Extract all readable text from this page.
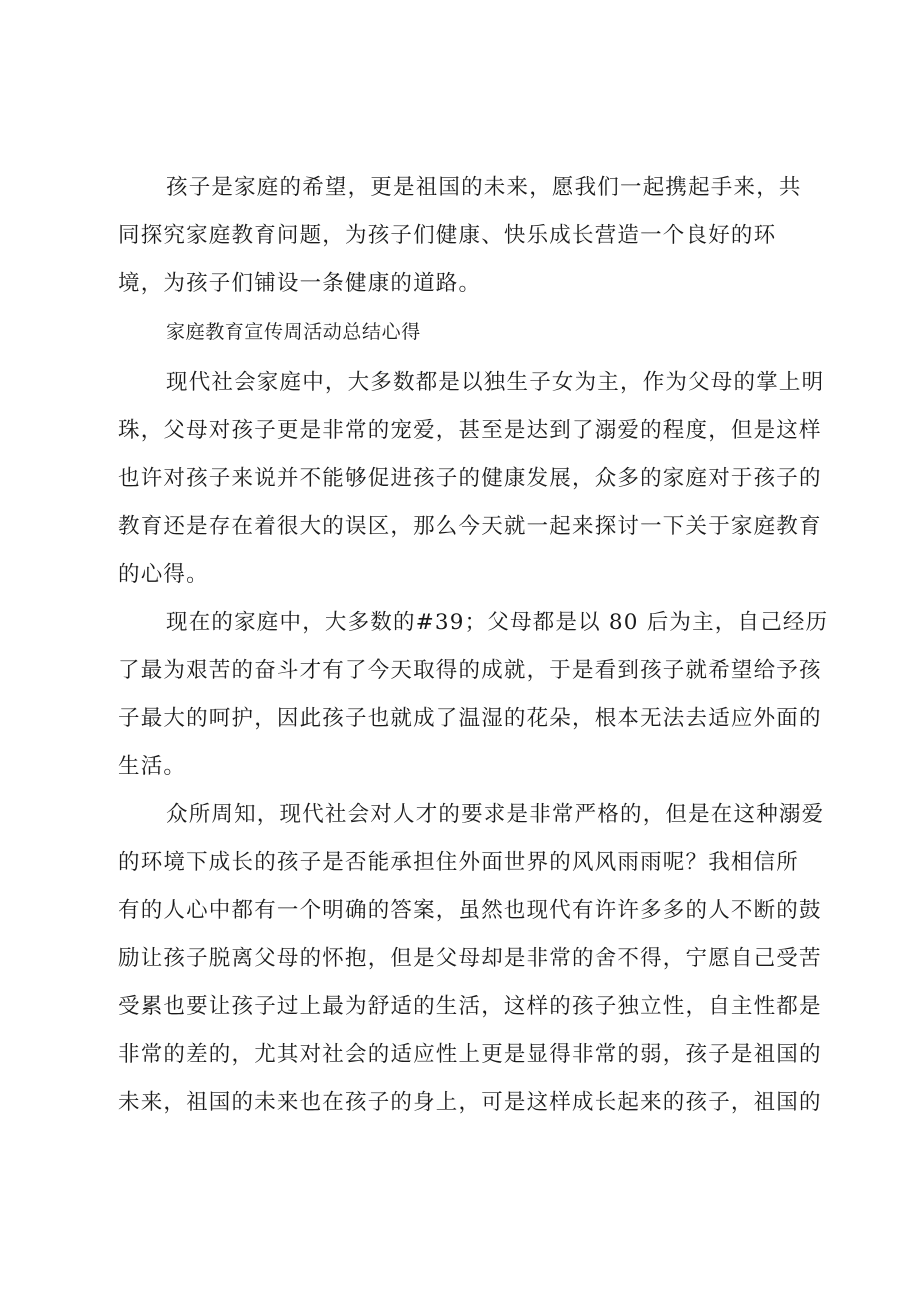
孩子是家庭的希望，更是祖国的未来，愿我们一起携起手来，共
同探究家庭教育问题，为孩子们健康、快乐成长营造一个良好的环
境，为孩子们铺设一条健康的道路。
家庭教育宣传周活动总结心得
现代社会家庭中，大多数都是以独生子女为主，作为父母的掌上明
珠，父母对孩子更是非常的宠爱，甚至是达到了溺爱的程度，但是这样
也许对孩子来说并不能够促进孩子的健康发展，众多的家庭对于孩子的
教育还是存在着很大的误区，那么今天就一起来探讨一下关于家庭教育
的心得。
现在的家庭中，大多数的#39；父母都是以 80 后为主，自己经历
了最为艰苦的奋斗才有了今天取得的成就，于是看到孩子就希望给予孩
子最大的呵护，因此孩子也就成了温湿的花朵，根本无法去适应外面的
生活。
众所周知，现代社会对人才的要求是非常严格的，但是在这种溺爱
的环境下成长的孩子是否能承担住外面世界的风风雨雨呢？我相信所
有的人心中都有一个明确的答案，虽然也现代有许许多多的人不断的鼓
励让孩子脱离父母的怀抱，但是父母却是非常的舍不得，宁愿自己受苦
受累也要让孩子过上最为舒适的生活，这样的孩子独立性，自主性都是
非常的差的，尤其对社会的适应性上更是显得非常的弱，孩子是祖国的
未来，祖国的未来也在孩子的身上，可是这样成长起来的孩子，祖国的
